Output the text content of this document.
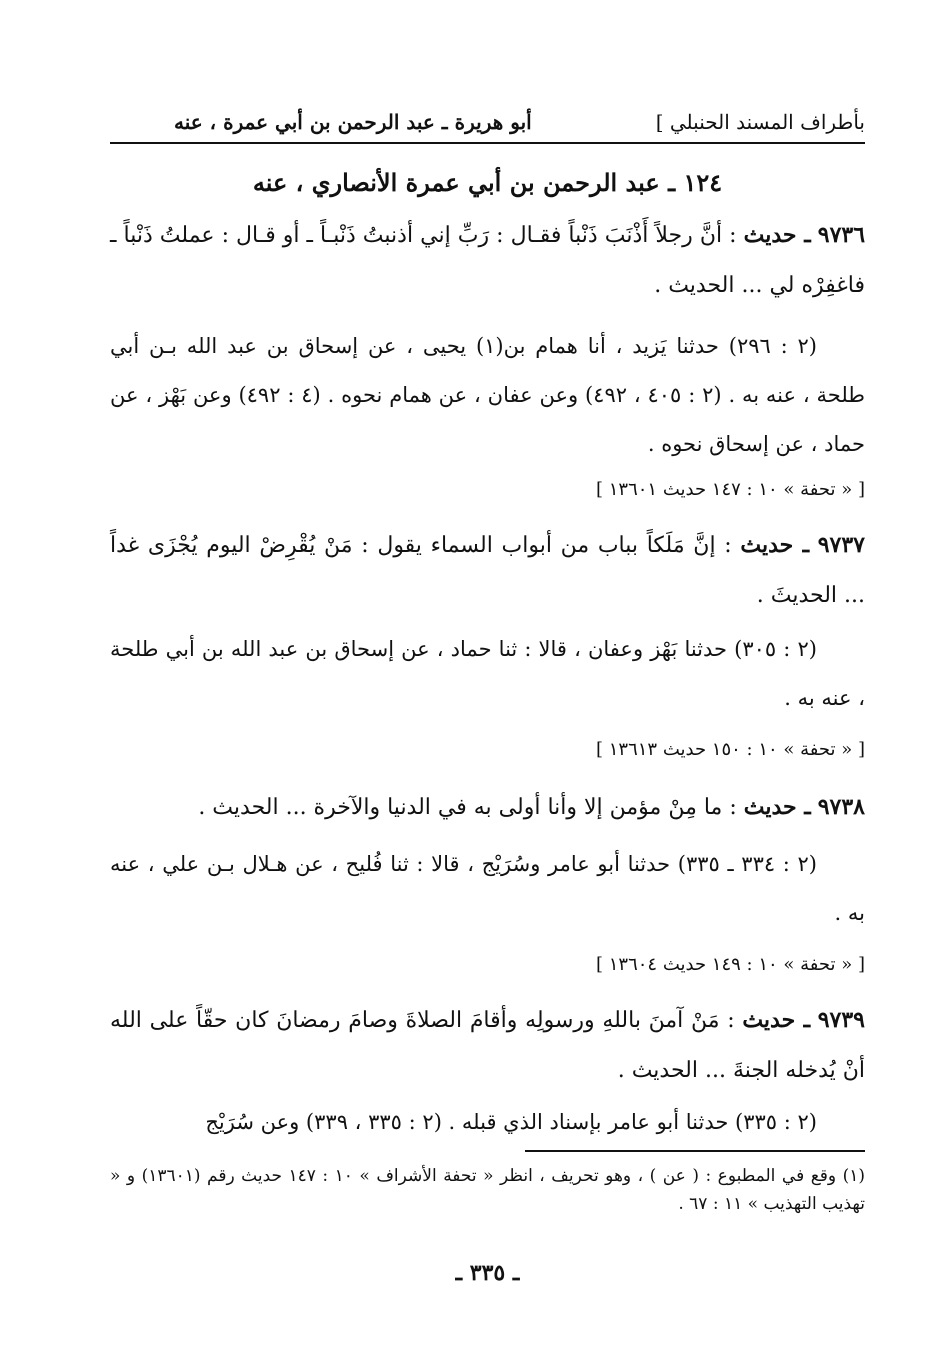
بأطراف المسند الحنبلي ]
أبو هريرة ـ عبد الرحمن بن أبي عمرة ، عنه
١٢٤ ـ عبد الرحمن بن أبي عمرة الأنصاري ، عنه
٩٧٣٦ ـ حديث : أنَّ رجلاً أَذْنَبَ ذَنْباً فقـال : رَبِّ إني أذنبتُ ذَنْبـاً ـ أو قـال : عملتُ ذَنْباً ـ فاغفِرْه لي ... الحديث .
(٢ : ٢٩٦) حدثنا يَزيد ، أنا همام بن(١) يحيى ، عن إسحاق بن عبد الله بـن أبي طلحة ، عنه به . (٢ : ٤٠٥ ، ٤٩٢) وعن عفان ، عن همام نحوه . (٤ : ٤٩٢) وعن بَهْز ، عن حماد ، عن إسحاق نحوه .
[ « تحفة » ١٠ : ١٤٧ حديث ١٣٦٠١ ]
٩٧٣٧ ـ حديث : إنَّ مَلَكاً بباب من أبواب السماء يقول : مَنْ يُقْرِضْ اليوم يُجْزَى غداً ... الحديثَ .
(٢ : ٣٠٥) حدثنا بَهْز وعفان ، قالا : ثنا حماد ، عن إسحاق بن عبد الله بن أبي طلحة ، عنه به .
[ « تحفة » ١٠ : ١٥٠ حديث ١٣٦١٣ ]
٩٧٣٨ ـ حديث : ما مِنْ مؤمن إلا وأنا أولى به في الدنيا والآخرة ... الحديث .
(٢ : ٣٣٤ ـ ٣٣٥) حدثنا أبو عامر وسُرَيْج ، قالا : ثنا فُليح ، عن هـلال بـن علي ، عنه به .
[ « تحفة » ١٠ : ١٤٩ حديث ١٣٦٠٤ ]
٩٧٣٩ ـ حديث : مَنْ آمنَ باللهِ ورسولِه وأقامَ الصلاةَ وصامَ رمضانَ كان حقّاً على الله أنْ يُدخله الجنةَ ... الحديث .
(٢ : ٣٣٥) حدثنا أبو عامر بإسناد الذي قبله . (٢ : ٣٣٥ ، ٣٣٩) وعن سُرَيْج
(١) وقع في المطبوع : ( عن ) ، وهو تحريف ، انظر « تحفة الأشراف » ١٠ : ١٤٧ حديث رقم (١٣٦٠١) و « تهذيب التهذيب » ١١ : ٦٧ .
ـ ٣٣٥ ـ
